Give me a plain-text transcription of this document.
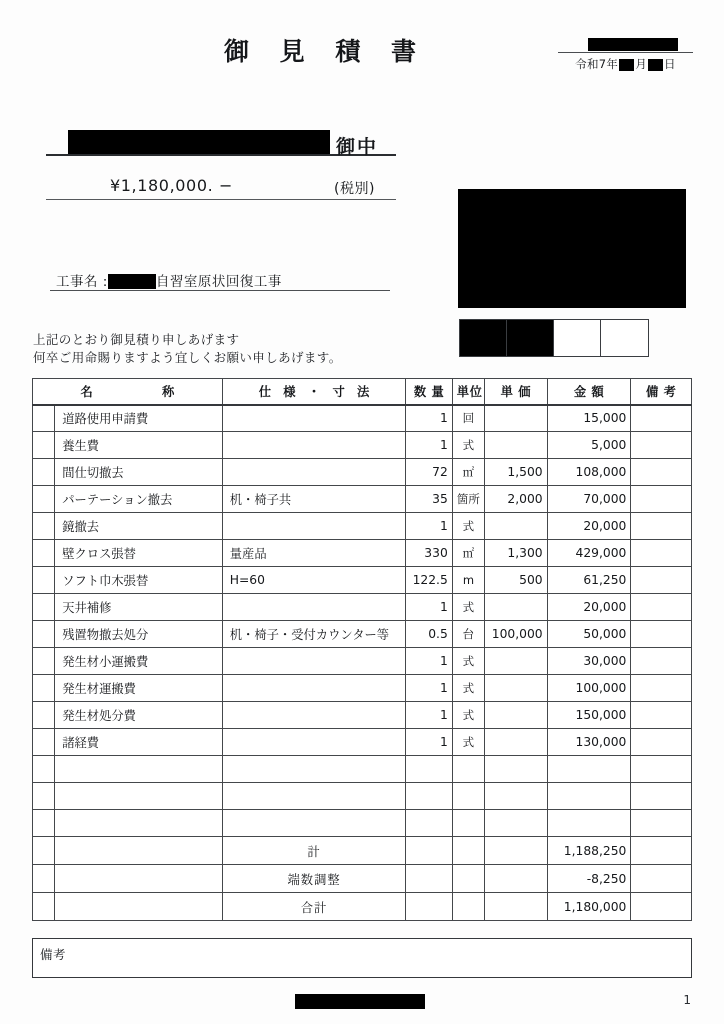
御 見 積 書	令和7年 月 日
御中
¥1,180,000. −	(税別)
工事名 :	自習室原状回復工事
上記のとおり御見積り申しあげます
何卒ご用命賜りますよう宜しくお願い申しあげます。
名　　　　称		仕 様 ・ 寸 法	数 量	単位	単 価	金 額	備 考
	道路使用申請費		1	回		15,000	
	養生費		1	式		5,000	
	間仕切撤去		72	㎡	1,500	108,000	
	パーテーション撤去	机・椅子共	35	箇所	2,000	70,000	
	鏡撤去		1	式		20,000	
	壁クロス張替	量産品	330	㎡	1,300	429,000	
	ソフト巾木張替	H=60	122.5	m	500	61,250	
	天井補修		1	式		20,000	
	残置物撤去処分	机・椅子・受付カウンター等	0.5	台	100,000	50,000	
	発生材小運搬費		1	式		30,000	
	発生材運搬費		1	式		100,000	
	発生材処分費		1	式		150,000	
	諸経費		1	式		130,000	

		計				1,188,250	
		端数調整				-8,250	
		合計				1,180,000	
備考
1
